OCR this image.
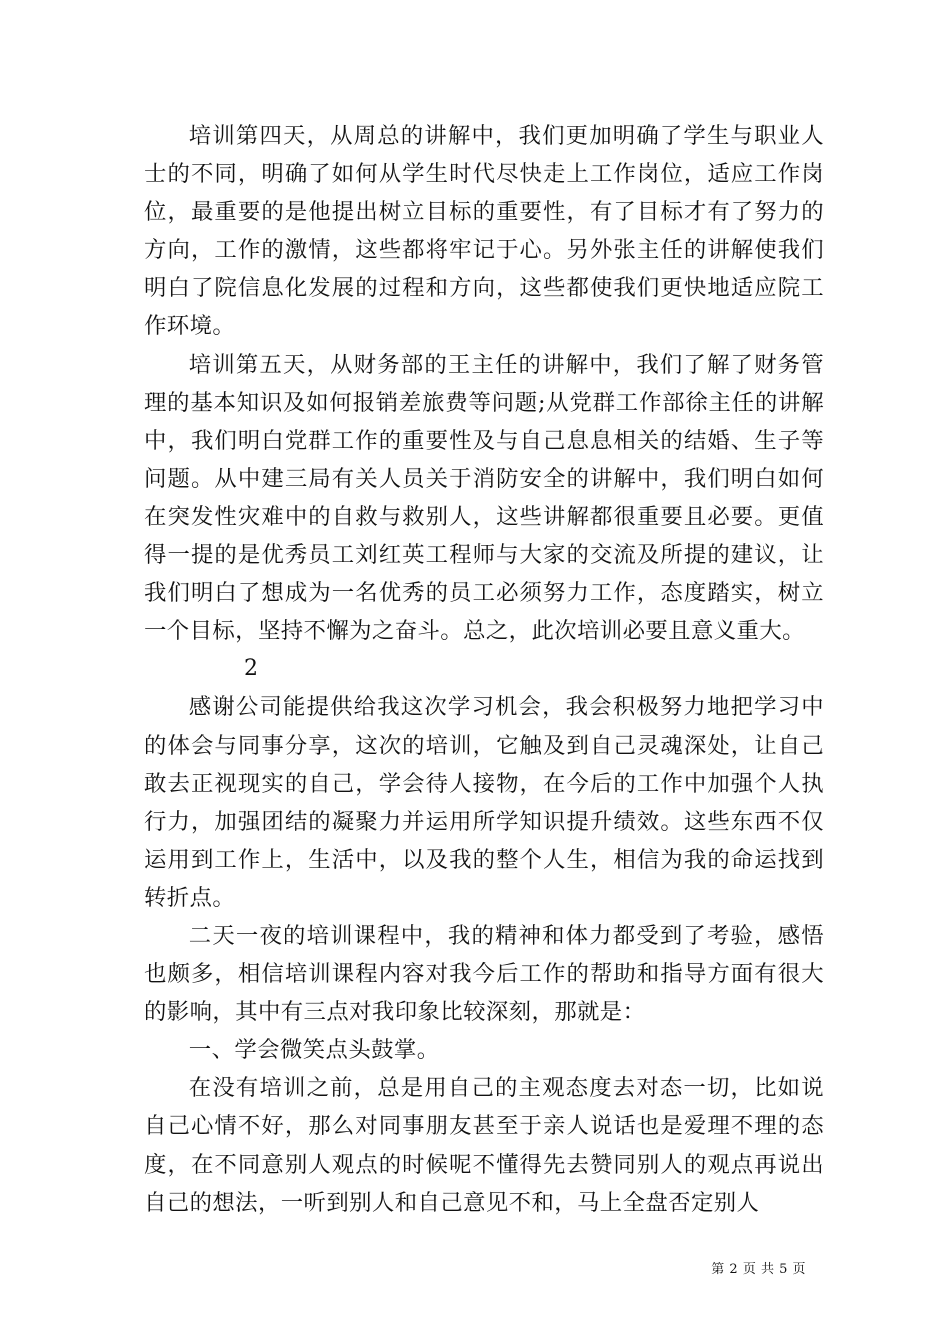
培训第四天，从周总的讲解中，我们更加明确了学生与职业人士的不同，明确了如何从学生时代尽快走上工作岗位，适应工作岗位，最重要的是他提出树立目标的重要性，有了目标才有了努力的方向，工作的激情，这些都将牢记于心。另外张主任的讲解使我们明白了院信息化发展的过程和方向，这些都使我们更快地适应院工作环境。

培训第五天，从财务部的王主任的讲解中，我们了解了财务管理的基本知识及如何报销差旅费等问题;从党群工作部徐主任的讲解中，我们明白党群工作的重要性及与自己息息相关的结婚、生子等问题。从中建三局有关人员关于消防安全的讲解中，我们明白如何在突发性灾难中的自救与救别人，这些讲解都很重要且必要。更值得一提的是优秀员工刘红英工程师与大家的交流及所提的建议，让我们明白了想成为一名优秀的员工必须努力工作，态度踏实，树立一个目标，坚持不懈为之奋斗。总之，此次培训必要且意义重大。

2

感谢公司能提供给我这次学习机会，我会积极努力地把学习中的体会与同事分享，这次的培训，它触及到自己灵魂深处，让自己敢去正视现实的自己，学会待人接物，在今后的工作中加强个人执行力，加强团结的凝聚力并运用所学知识提升绩效。这些东西不仅运用到工作上，生活中，以及我的整个人生，相信为我的命运找到转折点。

二天一夜的培训课程中，我的精神和体力都受到了考验，感悟也颇多，相信培训课程内容对我今后工作的帮助和指导方面有很大的影响，其中有三点对我印象比较深刻，那就是：

一、学会微笑点头鼓掌。

在没有培训之前，总是用自己的主观态度去对态一切，比如说自己心情不好，那么对同事朋友甚至于亲人说话也是爱理不理的态度，在不同意别人观点的时候呢不懂得先去赞同别人的观点再说出自己的想法，一听到别人和自己意见不和，马上全盘否定别人

第 2 页 共 5 页
